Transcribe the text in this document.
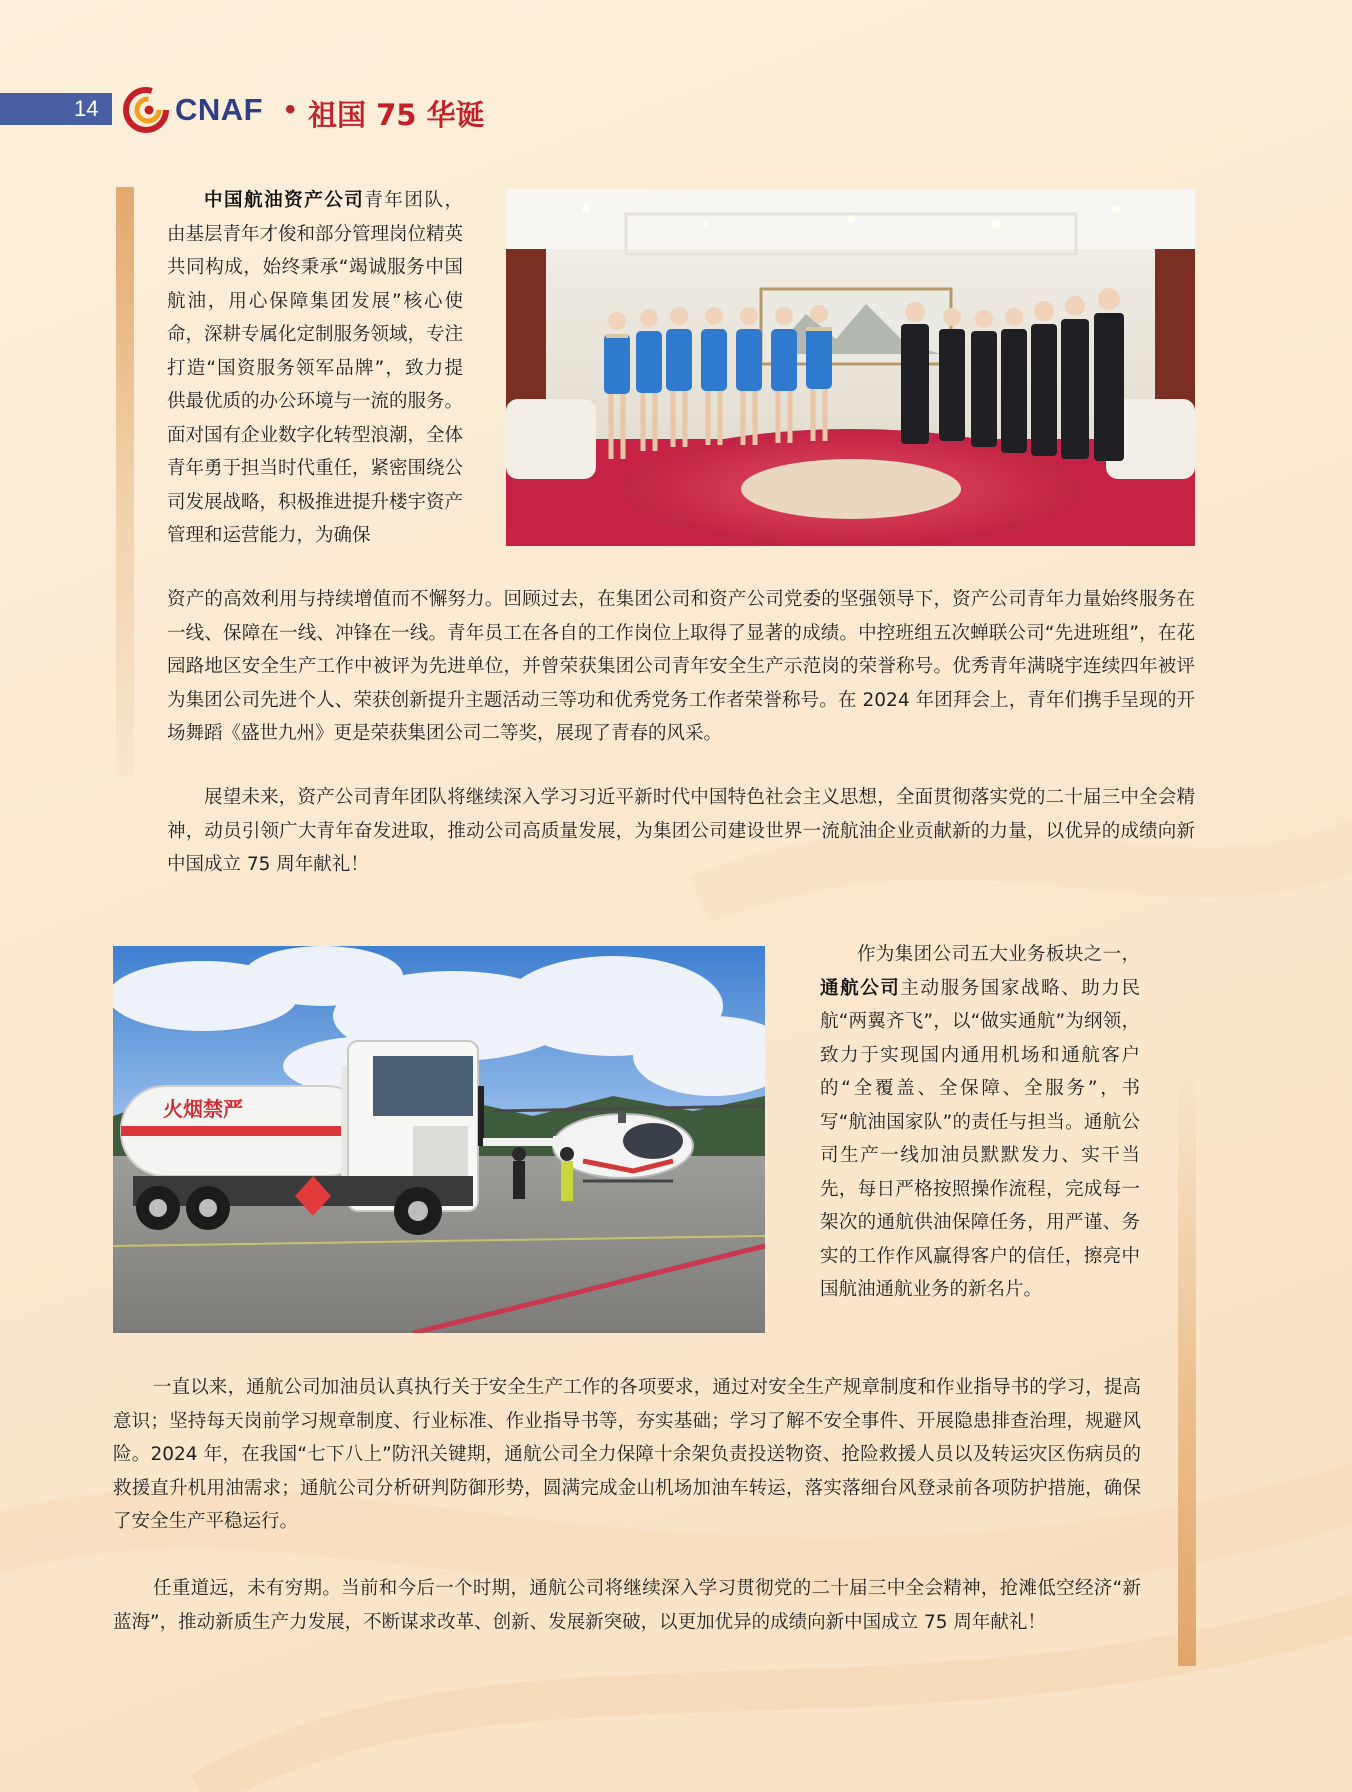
14 CNAF • 祖国 75 华诞

中国航油资产公司青年团队，由基层青年才俊和部分管理岗位精英共同构成，始终秉承“竭诚服务中国航油，用心保障集团发展”核心使命，深耕专属化定制服务领域，专注打造“国资服务领军品牌”，致力提供最优质的办公环境与一流的服务。面对国有企业数字化转型浪潮，全体青年勇于担当时代重任，紧密围绕公司发展战略，积极推进提升楼宇资产管理和运营能力，为确保

资产的高效利用与持续增值而不懈努力。回顾过去，在集团公司和资产公司党委的坚强领导下，资产公司青年力量始终服务在一线、保障在一线、冲锋在一线。青年员工在各自的工作岗位上取得了显著的成绩。中控班组五次蝉联公司“先进班组”，在花园路地区安全生产工作中被评为先进单位，并曾荣获集团公司青年安全生产示范岗的荣誉称号。优秀青年满晓宇连续四年被评为集团公司先进个人、荣获创新提升主题活动三等功和优秀党务工作者荣誉称号。在 2024 年团拜会上，青年们携手呈现的开场舞蹈《盛世九州》更是荣获集团公司二等奖，展现了青春的风采。

展望未来，资产公司青年团队将继续深入学习习近平新时代中国特色社会主义思想，全面贯彻落实党的二十届三中全会精神，动员引领广大青年奋发进取，推动公司高质量发展，为集团公司建设世界一流航油企业贡献新的力量，以优异的成绩向新中国成立 75 周年献礼！

火烟禁严

作为集团公司五大业务板块之一，通航公司主动服务国家战略、助力民航“两翼齐飞”，以“做实通航”为纲领，致力于实现国内通用机场和通航客户的“全覆盖、全保障、全服务”，书写“航油国家队”的责任与担当。通航公司生产一线加油员默默发力、实干当先，每日严格按照操作流程，完成每一架次的通航供油保障任务，用严谨、务实的工作作风赢得客户的信任，擦亮中国航油通航业务的新名片。

一直以来，通航公司加油员认真执行关于安全生产工作的各项要求，通过对安全生产规章制度和作业指导书的学习，提高意识；坚持每天岗前学习规章制度、行业标准、作业指导书等，夯实基础；学习了解不安全事件、开展隐患排查治理，规避风险。2024 年，在我国“七下八上”防汛关键期，通航公司全力保障十余架负责投送物资、抢险救援人员以及转运灾区伤病员的救援直升机用油需求；通航公司分析研判防御形势，圆满完成金山机场加油车转运，落实落细台风登录前各项防护措施，确保了安全生产平稳运行。

任重道远，未有穷期。当前和今后一个时期，通航公司将继续深入学习贯彻党的二十届三中全会精神，抢滩低空经济“新蓝海”，推动新质生产力发展，不断谋求改革、创新、发展新突破，以更加优异的成绩向新中国成立 75 周年献礼！
